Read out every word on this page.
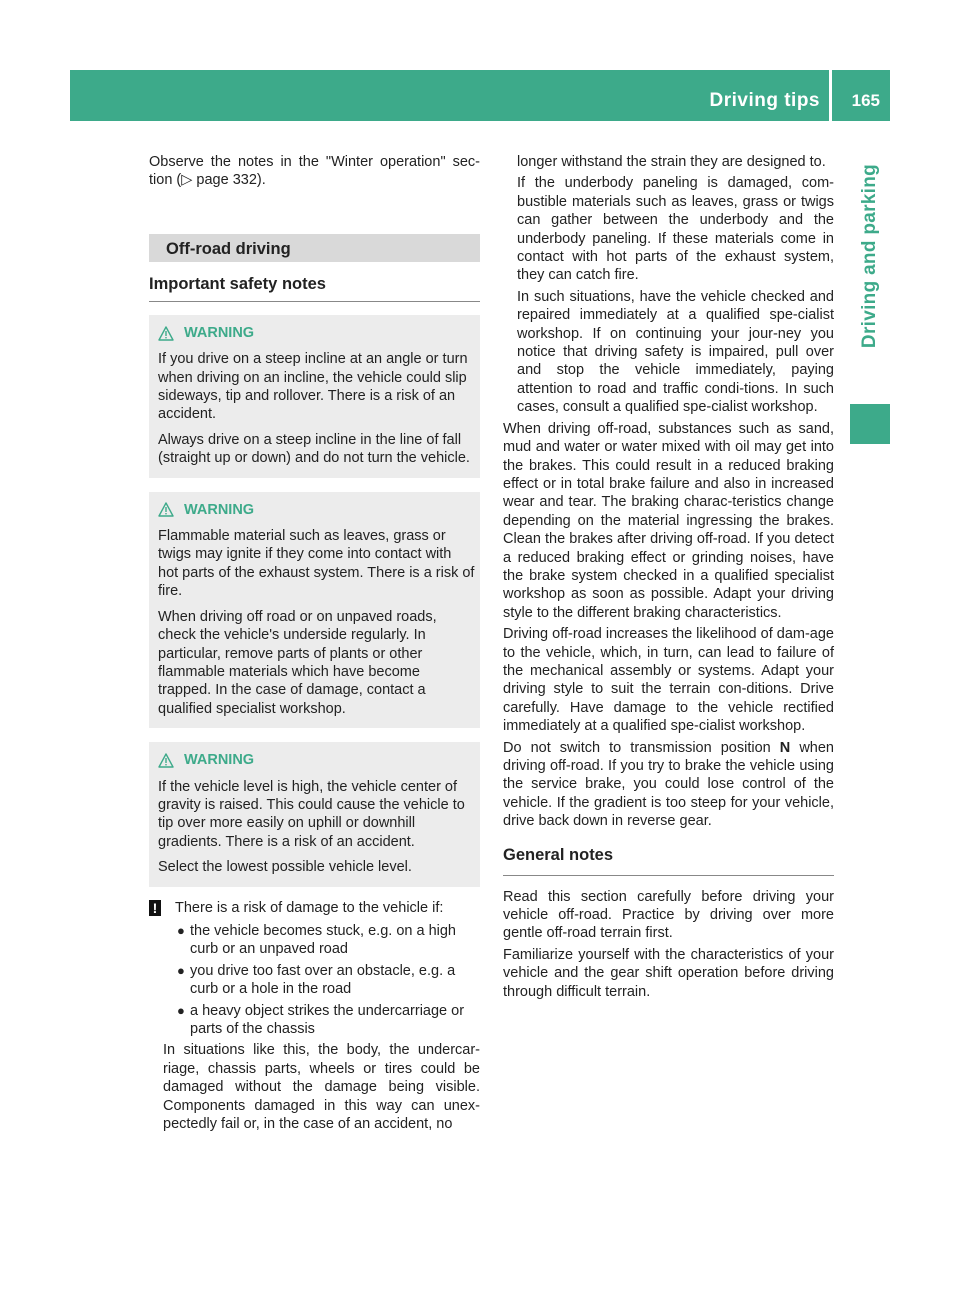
Driving tips 165
Driving and parking

Observe the notes in the "Winter operation" sec-tion (▷ page 332).

Off-road driving
Important safety notes
WARNING

If you drive on a steep incline at an angle or turn when driving on an incline, the vehicle could slip sideways, tip and rollover. There is a risk of an accident.

Always drive on a steep incline in the line of fall (straight up or down) and do not turn the vehicle.

WARNING

Flammable material such as leaves, grass or twigs may ignite if they come into contact with hot parts of the exhaust system. There is a risk of fire.

When driving off road or on unpaved roads, check the vehicle's underside regularly. In particular, remove parts of plants or other flammable materials which have become trapped. In the case of damage, contact a qualified specialist workshop.

WARNING

If the vehicle level is high, the vehicle center of gravity is raised. This could cause the vehicle to tip over more easily on uphill or downhill gradients. There is a risk of an accident.

Select the lowest possible vehicle level.

! There is a risk of damage to the vehicle if:

● the vehicle becomes stuck, e.g. on a high curb or an unpaved road
● you drive too fast over an obstacle, e.g. a curb or a hole in the road
● a heavy object strikes the undercarriage or parts of the chassis

In situations like this, the body, the undercar-riage, chassis parts, wheels or tires could be damaged without the damage being visible. Components damaged in this way can unex-pectedly fail or, in the case of an accident, no

longer withstand the strain they are designed to.

If the underbody paneling is damaged, com-bustible materials such as leaves, grass or twigs can gather between the underbody and the underbody paneling. If these materials come in contact with hot parts of the exhaust system, they can catch fire.

In such situations, have the vehicle checked and repaired immediately at a qualified spe-cialist workshop. If on continuing your jour-ney you notice that driving safety is impaired, pull over and stop the vehicle immediately, paying attention to road and traffic condi-tions. In such cases, consult a qualified spe-cialist workshop.

When driving off-road, substances such as sand, mud and water or water mixed with oil may get into the brakes. This could result in a reduced braking effect or in total brake failure and also in increased wear and tear. The braking charac-teristics change depending on the material ingressing the brakes. Clean the brakes after driving off-road. If you detect a reduced braking effect or grinding noises, have the brake system checked in a qualified specialist workshop as soon as possible. Adapt your driving style to the different braking characteristics.

Driving off-road increases the likelihood of dam-age to the vehicle, which, in turn, can lead to failure of the mechanical assembly or systems. Adapt your driving style to suit the terrain con-ditions. Drive carefully. Have damage to the vehicle rectified immediately at a qualified spe-cialist workshop.

Do not switch to transmission position N when driving off-road. If you try to brake the vehicle using the service brake, you could lose control of the vehicle. If the gradient is too steep for your vehicle, drive back down in reverse gear.

General notes

Read this section carefully before driving your vehicle off-road. Practice by driving over more gentle off-road terrain first.

Familiarize yourself with the characteristics of your vehicle and the gear shift operation before driving through difficult terrain.
